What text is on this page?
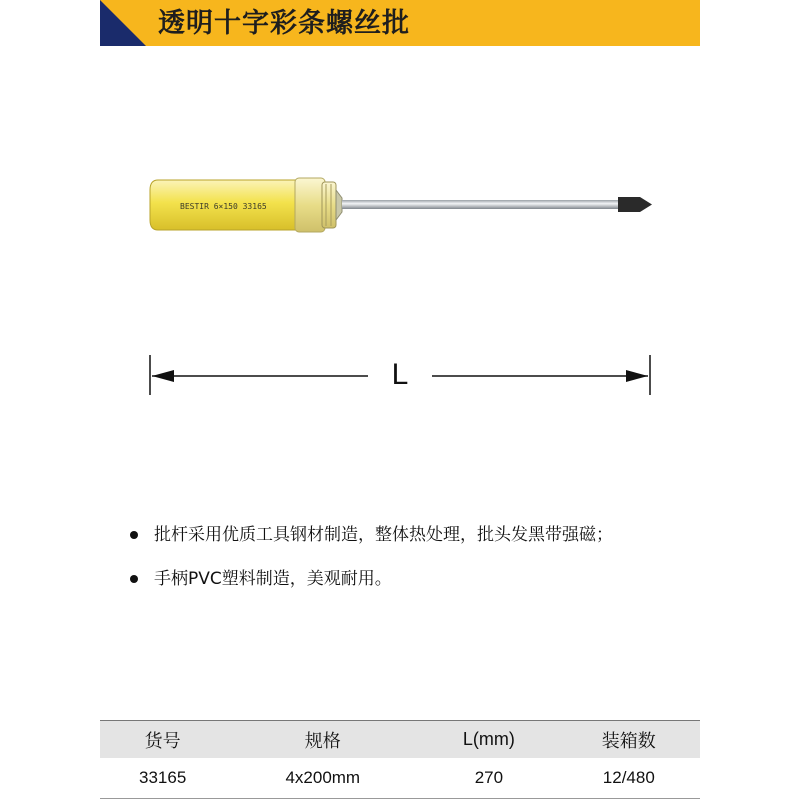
透明十字彩条螺丝批
BESTIR 6×150 33165
L
批杆采用优质工具钢材制造，整体热处理，批头发黑带强磁；
手柄PVC塑料制造，美观耐用。
货号	规格	L(mm)	装箱数
33165	4x200mm	270	12/480
